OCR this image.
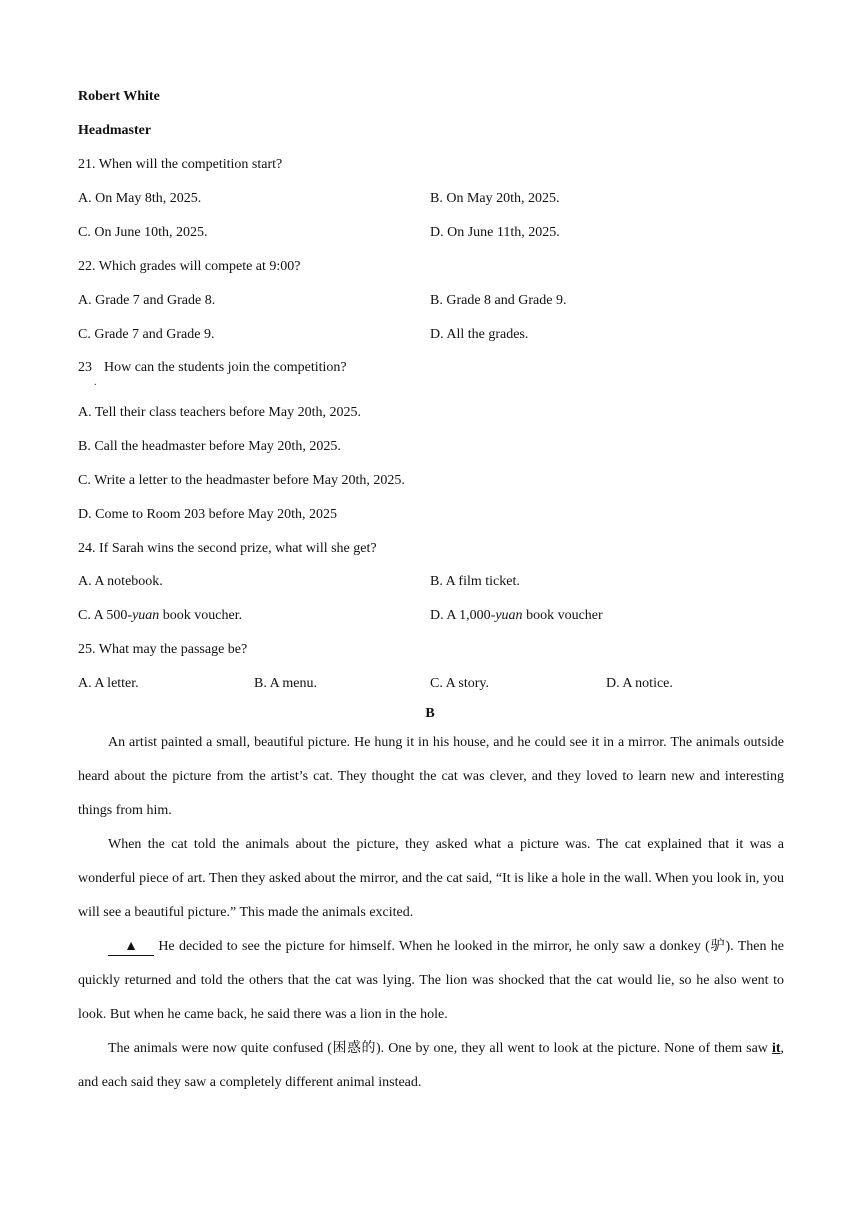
Robert White
Headmaster
21. When will the competition start?
A. On May 8th, 2025.	B. On May 20th, 2025.
C. On June 10th, 2025.	D. On June 11th, 2025.
22. Which grades will compete at 9:00?
A. Grade 7 and Grade 8.	B. Grade 8 and Grade 9.
C. Grade 7 and Grade 9.	D. All the grades.
23
.
How can the students join the competition?
A. Tell their class teachers before May 20th, 2025.
B. Call the headmaster before May 20th, 2025.
C. Write a letter to the headmaster before May 20th, 2025.
D. Come to Room 203 before May 20th, 2025
24. If Sarah wins the second prize, what will she get?
A. A notebook.	B. A film ticket.
C. A 500-yuan book voucher.	D. A 1,000-yuan book voucher
25. What may the passage be?
A. A letter.	B. A menu.	C. A story.	D. A notice.
B

An artist painted a small, beautiful picture. He hung it in his house, and he could see it in a mirror. The animals outside heard about the picture from the artist’s cat. They thought the cat was clever, and they loved to learn new and interesting things from him.

When the cat told the animals about the picture, they asked what a picture was. The cat explained that it was a wonderful piece of art. Then they asked about the mirror, and the cat said, “It is like a hole in the wall. When you look in, you will see a beautiful picture.” This made the animals excited.

▲ He decided to see the picture for himself. When he looked in the mirror, he only saw a donkey (驴). Then he quickly returned and told the others that the cat was lying. The lion was shocked that the cat would lie, so he also went to look. But when he came back, he said there was a lion in the hole.

The animals were now quite confused (困惑的). One by one, they all went to look at the picture. None of them saw it, and each said they saw a completely different animal instead.
